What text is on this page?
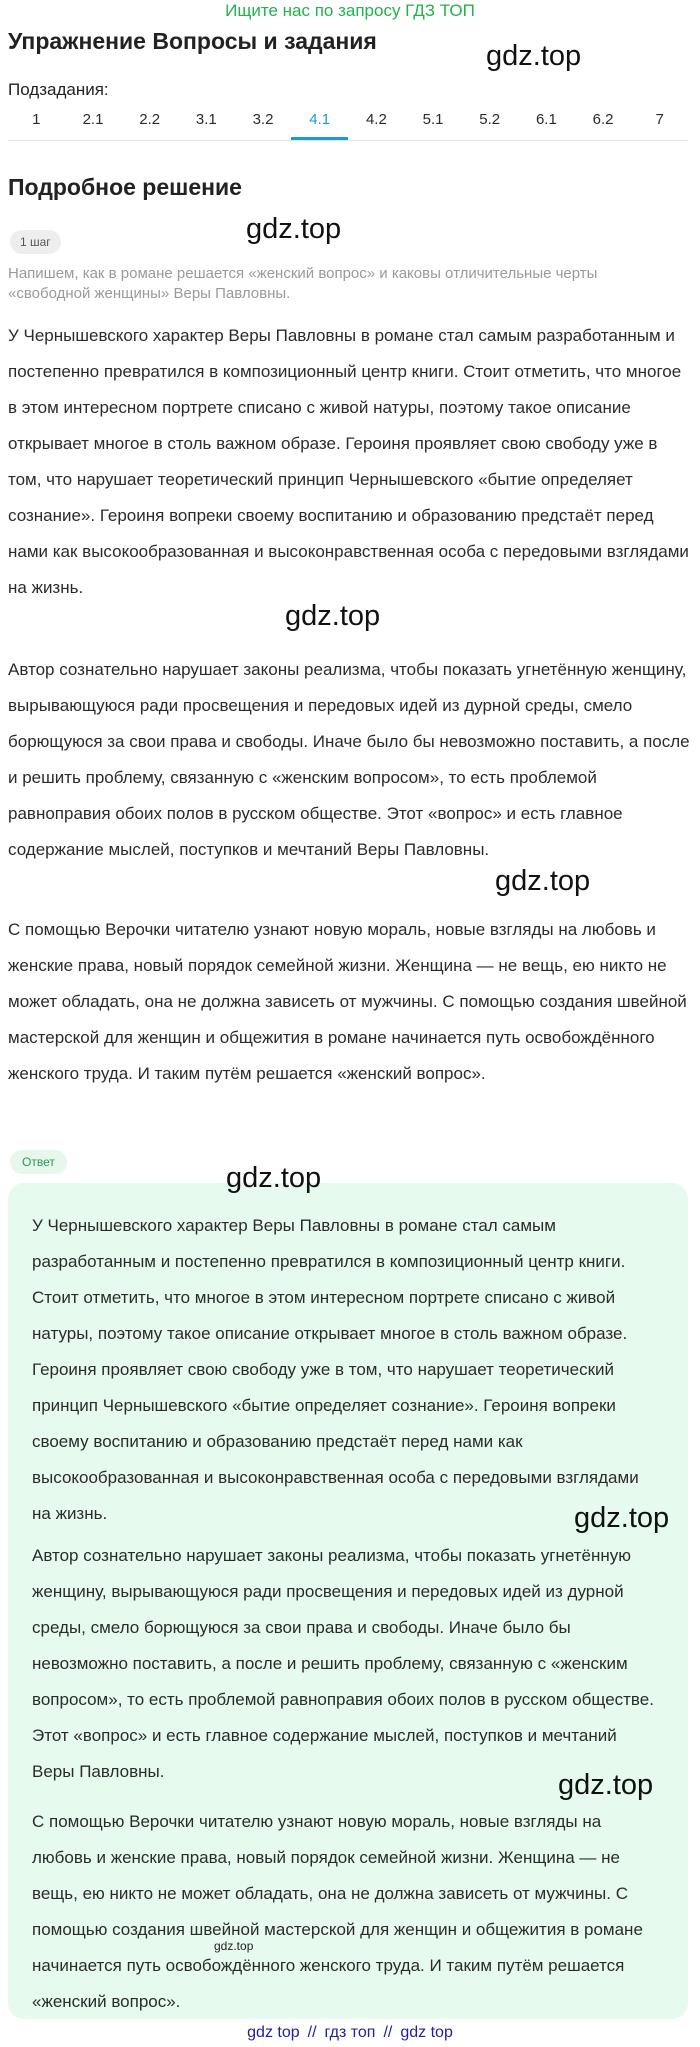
Ищите нас по запросу ГДЗ ТОП
Упражнение Вопросы и задания
Подзадания:
1	2.1	2.2	3.1	3.2	4.1	4.2	5.1	5.2	6.1	6.2	7
Подробное решение
1 шаг
Напишем, как в романе решается «женский вопрос» и каковы отличительные черты «свободной женщины» Веры Павловны.

У Чернышевского характер Веры Павловны в романе стал самым разработанным и постепенно превратился в композиционный центр книги. Стоит отметить, что многое в этом интересном портрете списано с живой натуры, поэтому такое описание открывает многое в столь важном образе. Героиня проявляет свою свободу уже в том, что нарушает теоретический принцип Чернышевского «бытие определяет сознание». Героиня вопреки своему воспитанию и образованию предстаёт перед нами как высокообразованная и высоконравственная особа с передовыми взглядами на жизнь.

Автор сознательно нарушает законы реализма, чтобы показать угнетённую женщину, вырывающуюся ради просвещения и передовых идей из дурной среды, смело борющуюся за свои права и свободы. Иначе было бы невозможно поставить, а после и решить проблему, связанную с «женским вопросом», то есть проблемой равноправия обоих полов в русском обществе. Этот «вопрос» и есть главное содержание мыслей, поступков и мечтаний Веры Павловны.

С помощью Верочки читателю узнают новую мораль, новые взгляды на любовь и женские права, новый порядок семейной жизни. Женщина — не вещь, ею никто не может обладать, она не должна зависеть от мужчины. С помощью создания швейной мастерской для женщин и общежития в романе начинается путь освобождённого женского труда. И таким путём решается «женский вопрос».

Ответ

У Чернышевского характер Веры Павловны в романе стал самым разработанным и постепенно превратился в композиционный центр книги. Стоит отметить, что многое в этом интересном портрете списано с живой натуры, поэтому такое описание открывает многое в столь важном образе. Героиня проявляет свою свободу уже в том, что нарушает теоретический принцип Чернышевского «бытие определяет сознание». Героиня вопреки своему воспитанию и образованию предстаёт перед нами как высокообразованная и высоконравственная особа с передовыми взглядами на жизнь.

Автор сознательно нарушает законы реализма, чтобы показать угнетённую женщину, вырывающуюся ради просвещения и передовых идей из дурной среды, смело борющуюся за свои права и свободы. Иначе было бы невозможно поставить, а после и решить проблему, связанную с «женским вопросом», то есть проблемой равноправия обоих полов в русском обществе. Этот «вопрос» и есть главное содержание мыслей, поступков и мечтаний Веры Павловны.

С помощью Верочки читателю узнают новую мораль, новые взгляды на любовь и женские права, новый порядок семейной жизни. Женщина — не вещь, ею никто не может обладать, она не должна зависеть от мужчины. С помощью создания швейной мастерской для женщин и общежития в романе начинается путь освобождённого женского труда. И таким путём решается «женский вопрос».

gdz.top
gdz.top
gdz.top
gdz.top
gdz.top
gdz.top
gdz.top
gdz.top
gdz top // гдз топ // gdz top
